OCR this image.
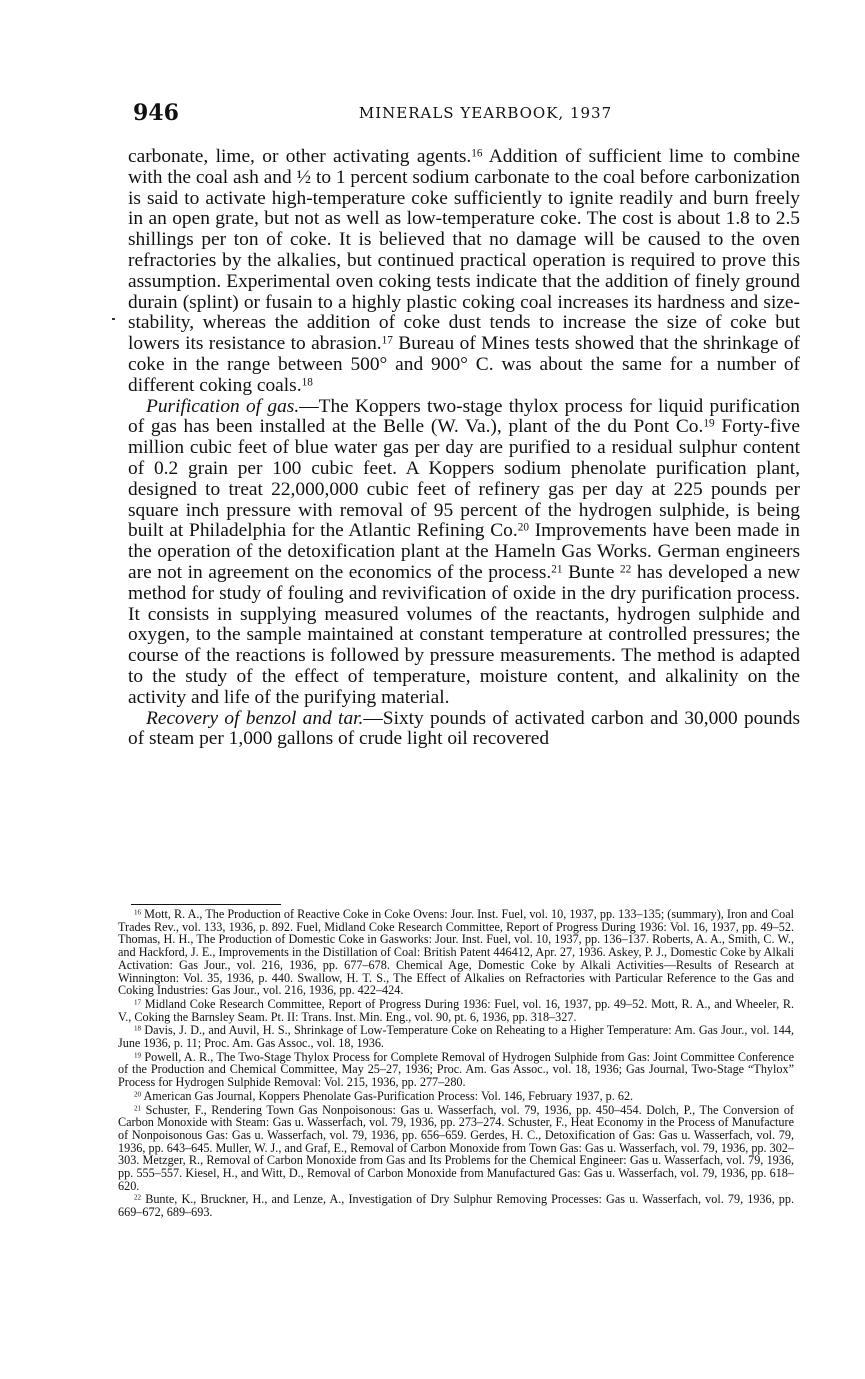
946	MINERALS YEARBOOK, 1937

carbonate, lime, or other activating agents.$^{16}$ Addition of sufficient lime to combine with the coal ash and ½ to 1 percent sodium carbonate to the coal before carbonization is said to activate high-temperature coke sufficiently to ignite readily and burn freely in an open grate, but not as well as low-temperature coke. The cost is about 1.8 to 2.5 shillings per ton of coke. It is believed that no damage will be caused to the oven refractories by the alkalies, but continued practical operation is required to prove this assumption. Experimental oven coking tests indicate that the addition of finely ground durain (splint) or fusain to a highly plastic coking coal increases its hardness and size-stability, whereas the addition of coke dust tends to increase the size of coke but lowers its resistance to abrasion.$^{17}$ Bureau of Mines tests showed that the shrinkage of coke in the range between 500° and 900° C. was about the same for a number of different coking coals.$^{18}$

Purification of gas.—The Koppers two-stage thylox process for liquid purification of gas has been installed at the Belle (W. Va.), plant of the du Pont Co.$^{19}$ Forty-five million cubic feet of blue water gas per day are purified to a residual sulphur content of 0.2 grain per 100 cubic feet. A Koppers sodium phenolate purification plant, designed to treat 22,000,000 cubic feet of refinery gas per day at 225 pounds per square inch pressure with removal of 95 percent of the hydrogen sulphide, is being built at Philadelphia for the Atlantic Refining Co.$^{20}$ Improvements have been made in the operation of the detoxification plant at the Hameln Gas Works. German engineers are not in agreement on the economics of the process.$^{21}$ Bunte $^{22}$ has developed a new method for study of fouling and revivification of oxide in the dry purification process. It consists in supplying measured volumes of the reactants, hydrogen sulphide and oxygen, to the sample maintained at constant temperature at controlled pressures; the course of the reactions is followed by pressure measurements. The method is adapted to the study of the effect of temperature, moisture content, and alkalinity on the activity and life of the purifying material.

Recovery of benzol and tar.—Sixty pounds of activated carbon and 30,000 pounds of steam per 1,000 gallons of crude light oil recovered

$^{16}$ Mott, R. A., The Production of Reactive Coke in Coke Ovens: Jour. Inst. Fuel, vol. 10, 1937, pp. 133–135; (summary), Iron and Coal Trades Rev., vol. 133, 1936, p. 892. Fuel, Midland Coke Research Committee, Report of Progress During 1936: Vol. 16, 1937, pp. 49–52. Thomas, H. H., The Production of Domestic Coke in Gasworks: Jour. Inst. Fuel, vol. 10, 1937, pp. 136–137. Roberts, A. A., Smith, C. W., and Hackford, J. E., Improvements in the Distillation of Coal: British Patent 446412, Apr. 27, 1936. Askey, P. J., Domestic Coke by Alkali Activation: Gas Jour., vol. 216, 1936, pp. 677–678. Chemical Age, Domestic Coke by Alkali Activities—Results of Research at Winnington: Vol. 35, 1936, p. 440. Swallow, H. T. S., The Effect of Alkalies on Refractories with Particular Reference to the Gas and Coking Industries: Gas Jour., vol. 216, 1936, pp. 422–424.

$^{17}$ Midland Coke Research Committee, Report of Progress During 1936: Fuel, vol. 16, 1937, pp. 49–52. Mott, R. A., and Wheeler, R. V., Coking the Barnsley Seam. Pt. II: Trans. Inst. Min. Eng., vol. 90, pt. 6, 1936, pp. 318–327.

$^{18}$ Davis, J. D., and Auvil, H. S., Shrinkage of Low-Temperature Coke on Reheating to a Higher Temperature: Am. Gas Jour., vol. 144, June 1936, p. 11; Proc. Am. Gas Assoc., vol. 18, 1936.

$^{19}$ Powell, A. R., The Two-Stage Thylox Process for Complete Removal of Hydrogen Sulphide from Gas: Joint Committee Conference of the Production and Chemical Committee, May 25–27, 1936; Proc. Am. Gas Assoc., vol. 18, 1936; Gas Journal, Two-Stage “Thylox” Process for Hydrogen Sulphide Removal: Vol. 215, 1936, pp. 277–280.

$^{20}$ American Gas Journal, Koppers Phenolate Gas-Purification Process: Vol. 146, February 1937, p. 62.

$^{21}$ Schuster, F., Rendering Town Gas Nonpoisonous: Gas u. Wasserfach, vol. 79, 1936, pp. 450–454. Dolch, P., The Conversion of Carbon Monoxide with Steam: Gas u. Wasserfach, vol. 79, 1936, pp. 273–274. Schuster, F., Heat Economy in the Process of Manufacture of Nonpoisonous Gas: Gas u. Wasserfach, vol. 79, 1936, pp. 656–659. Gerdes, H. C., Detoxification of Gas: Gas u. Wasserfach, vol. 79, 1936, pp. 643–645. Muller, W. J., and Graf, E., Removal of Carbon Monoxide from Town Gas: Gas u. Wasserfach, vol. 79, 1936, pp. 302–303. Metzger, R., Removal of Carbon Monoxide from Gas and Its Problems for the Chemical Engineer: Gas u. Wasserfach, vol. 79, 1936, pp. 555–557. Kiesel, H., and Witt, D., Removal of Carbon Monoxide from Manufactured Gas: Gas u. Wasserfach, vol. 79, 1936, pp. 618–620.

$^{22}$ Bunte, K., Bruckner, H., and Lenze, A., Investigation of Dry Sulphur Removing Processes: Gas u. Wasserfach, vol. 79, 1936, pp. 669–672, 689–693.
